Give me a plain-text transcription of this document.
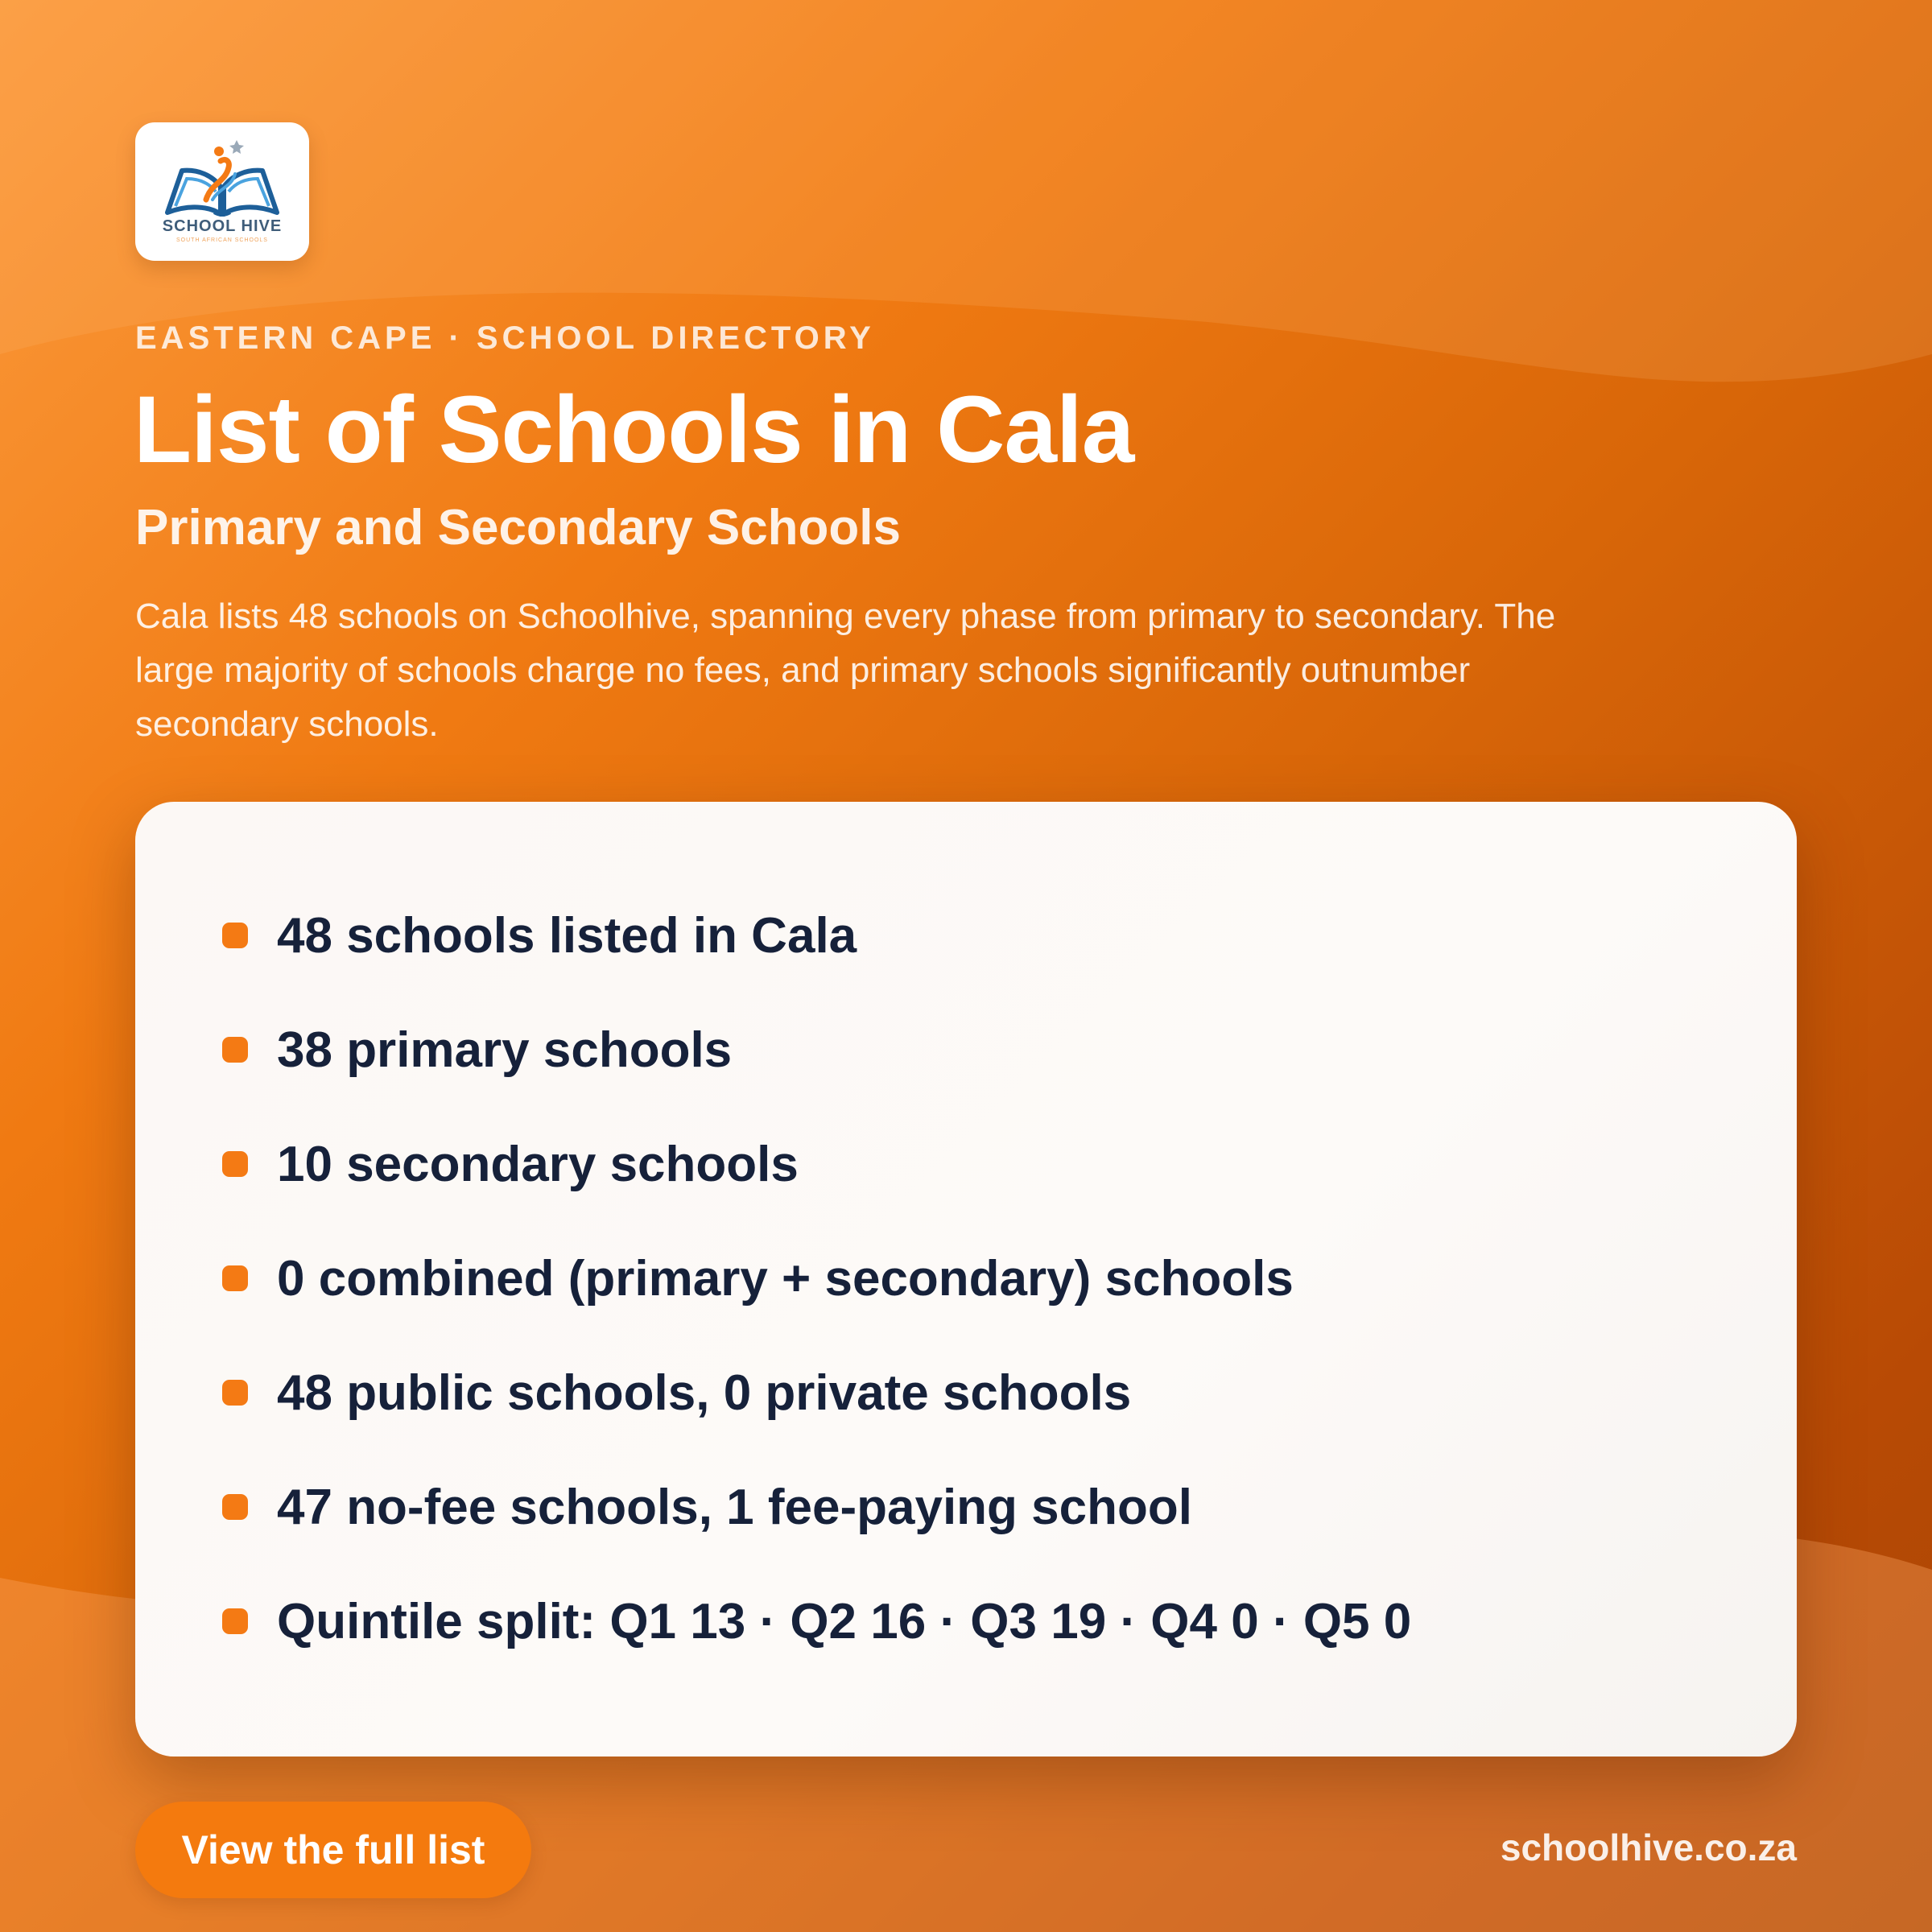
SCHOOL HIVE
SOUTH AFRICAN SCHOOLS
EASTERN CAPE · SCHOOL DIRECTORY
List of Schools in Cala
Primary and Secondary Schools

Cala lists 48 schools on Schoolhive, spanning every phase from primary to secondary. The large majority of schools charge no fees, and primary schools significantly outnumber secondary schools.

48 schools listed in Cala
38 primary schools
10 secondary schools
0 combined (primary + secondary) schools
48 public schools, 0 private schools
47 no-fee schools, 1 fee-paying school
Quintile split: Q1 13 · Q2 16 · Q3 19 · Q4 0 · Q5 0
View the full list	schoolhive.co.za
